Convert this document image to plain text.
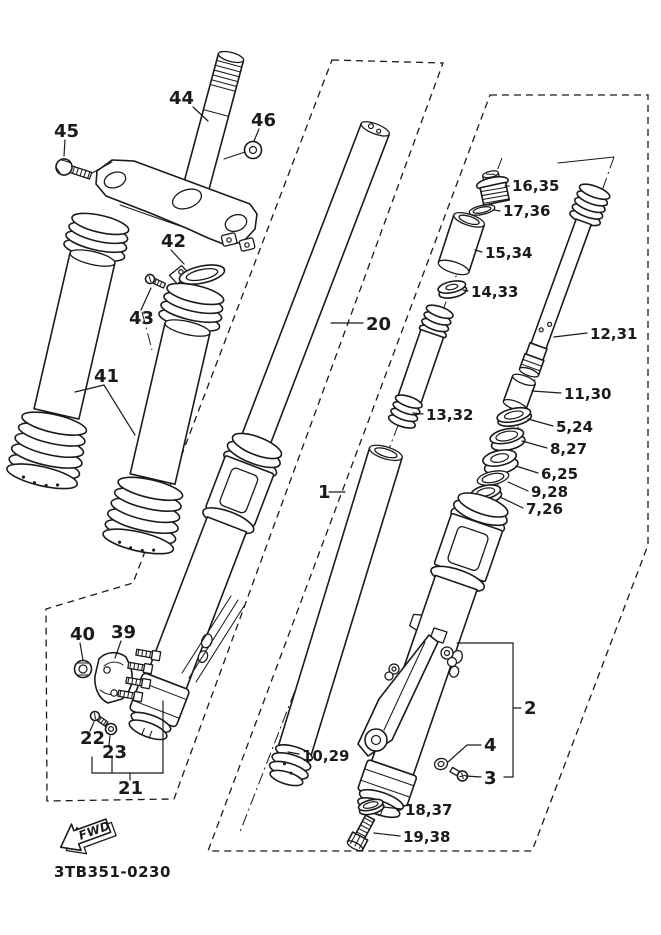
44
45
46
42
43
41
20
13,32
1
16,35
17,36
15,34
14,33
12,31
11,30
5,24
8,27
6,25
9,28
7,26
10,29
18,37
19,38
2
4
3
40 39
22
23
21
FWD
3TB351-0230
